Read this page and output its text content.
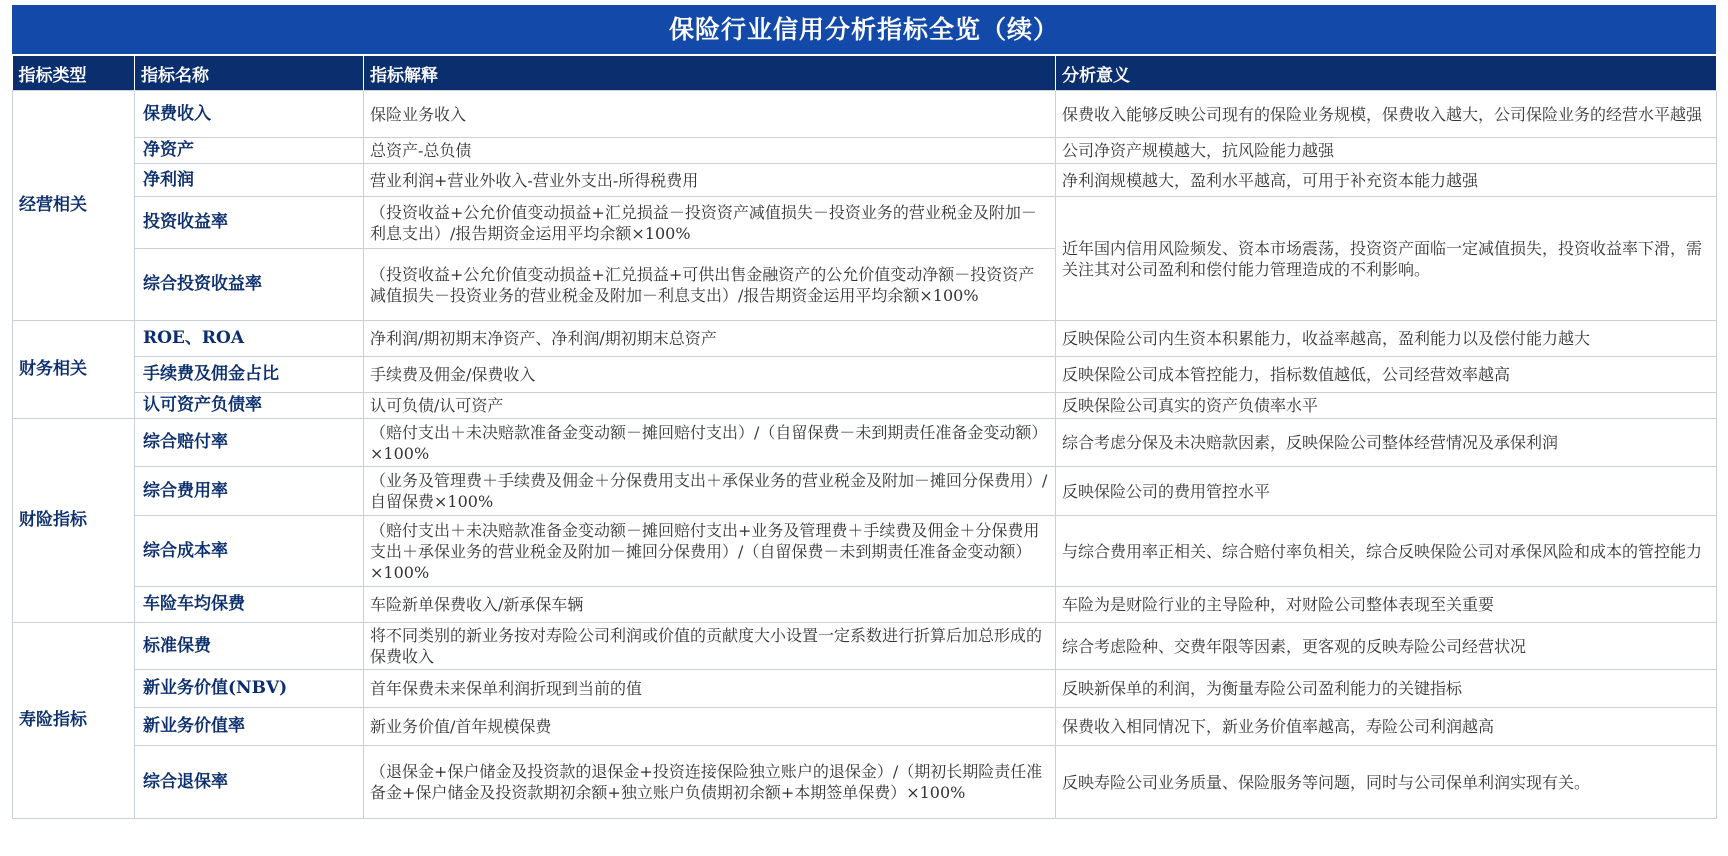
保险行业信用分析指标全览（续）
指标类型	指标名称	指标解释	分析意义
经营相关	保费收入	保险业务收入	保费收入能够反映公司现有的保险业务规模，保费收入越大，公司保险业务的经营水平越强
	净资产	总资产-总负债	公司净资产规模越大，抗风险能力越强
	净利润	营业利润+营业外收入-营业外支出-所得税费用	净利润规模越大，盈利水平越高，可用于补充资本能力越强
	投资收益率	（投资收益+公允价值变动损益+汇兑损益－投资资产减值损失－投资业务的营业税金及附加－利息支出）/报告期资金运用平均余额×100%	近年国内信用风险频发、资本市场震荡，投资资产面临一定减值损失，投资收益率下滑，需关注其对公司盈利和偿付能力管理造成的不利影响。
	综合投资收益率	（投资收益+公允价值变动损益+汇兑损益+可供出售金融资产的公允价值变动净额－投资资产减值损失－投资业务的营业税金及附加－利息支出）/报告期资金运用平均余额×100%	
财务相关	ROE、ROA	净利润/期初期末净资产、净利润/期初期末总资产	反映保险公司内生资本积累能力，收益率越高，盈利能力以及偿付能力越大
	手续费及佣金占比	手续费及佣金/保费收入	反映保险公司成本管控能力，指标数值越低，公司经营效率越高
	认可资产负债率	认可负债/认可资产	反映保险公司真实的资产负债率水平
财险指标	综合赔付率	（赔付支出＋未决赔款准备金变动额－摊回赔付支出）/（自留保费－未到期责任准备金变动额）×100%	综合考虑分保及未决赔款因素，反映保险公司整体经营情况及承保利润
	综合费用率	（业务及管理费＋手续费及佣金＋分保费用支出＋承保业务的营业税金及附加－摊回分保费用）/自留保费×100%	反映保险公司的费用管控水平
	综合成本率	（赔付支出＋未决赔款准备金变动额－摊回赔付支出+业务及管理费＋手续费及佣金＋分保费用支出＋承保业务的营业税金及附加－摊回分保费用）/（自留保费－未到期责任准备金变动额）×100%	与综合费用率正相关、综合赔付率负相关，综合反映保险公司对承保风险和成本的管控能力
	车险车均保费	车险新单保费收入/新承保车辆	车险为是财险行业的主导险种，对财险公司整体表现至关重要
寿险指标	标准保费	将不同类别的新业务按对寿险公司利润或价值的贡献度大小设置一定系数进行折算后加总形成的保费收入	综合考虑险种、交费年限等因素，更客观的反映寿险公司经营状况
	新业务价值(NBV)	首年保费未来保单利润折现到当前的值	反映新保单的利润，为衡量寿险公司盈利能力的关键指标
	新业务价值率	新业务价值/首年规模保费	保费收入相同情况下，新业务价值率越高，寿险公司利润越高
	综合退保率	（退保金+保户储金及投资款的退保金+投资连接保险独立账户的退保金）/（期初长期险责任准备金+保户储金及投资款期初余额+独立账户负债期初余额+本期签单保费）×100%	反映寿险公司业务质量、保险服务等问题，同时与公司保单利润实现有关。
